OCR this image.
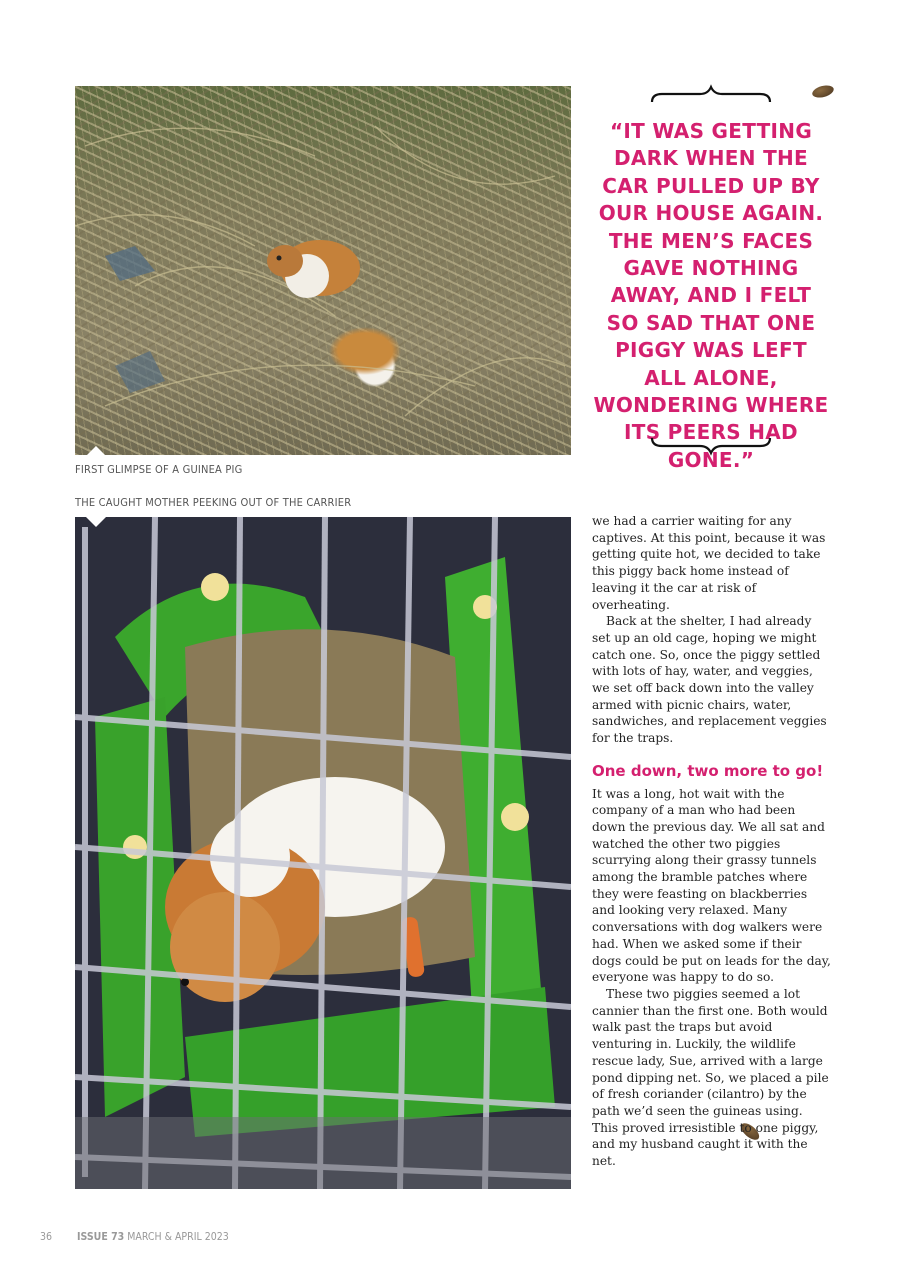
FIRST GLIMPSE OF A GUINEA PIG
THE CAUGHT MOTHER PEEKING OUT OF THE CARRIER
“IT WAS GETTING DARK WHEN THE CAR PULLED UP BY OUR HOUSE AGAIN. THE MEN’S FACES GAVE NOTHING AWAY, AND I FELT SO SAD THAT ONE PIGGY WAS LEFT ALL ALONE, WONDERING WHERE ITS PEERS HAD GONE.”

we had a carrier waiting for any captives. At this point, because it was getting quite hot, we decided to take this piggy back home instead of leaving it the car at risk of overheating.

Back at the shelter, I had already set up an old cage, hoping we might catch one. So, once the piggy settled with lots of hay, water, and veggies, we set off back down into the valley armed with picnic chairs, water, sandwiches, and replacement veggies for the traps.

One down, two more to go!

It was a long, hot wait with the company of a man who had been down the previous day. We all sat and watched the other two piggies scurrying along their grassy tunnels among the bramble patches where they were feasting on blackberries and looking very relaxed. Many conversations with dog walkers were had. When we asked some if their dogs could be put on leads for the day, everyone was happy to do so.

These two piggies seemed a lot cannier than the first one. Both would walk past the traps but avoid venturing in. Luckily, the wildlife rescue lady, Sue, arrived with a large pond dipping net. So, we placed a pile of fresh coriander (cilantro) by the path we’d seen the guineas using. This proved irresistible to one piggy, and my husband caught it with the net.

36 ISSUE 73 MARCH & APRIL 2023
